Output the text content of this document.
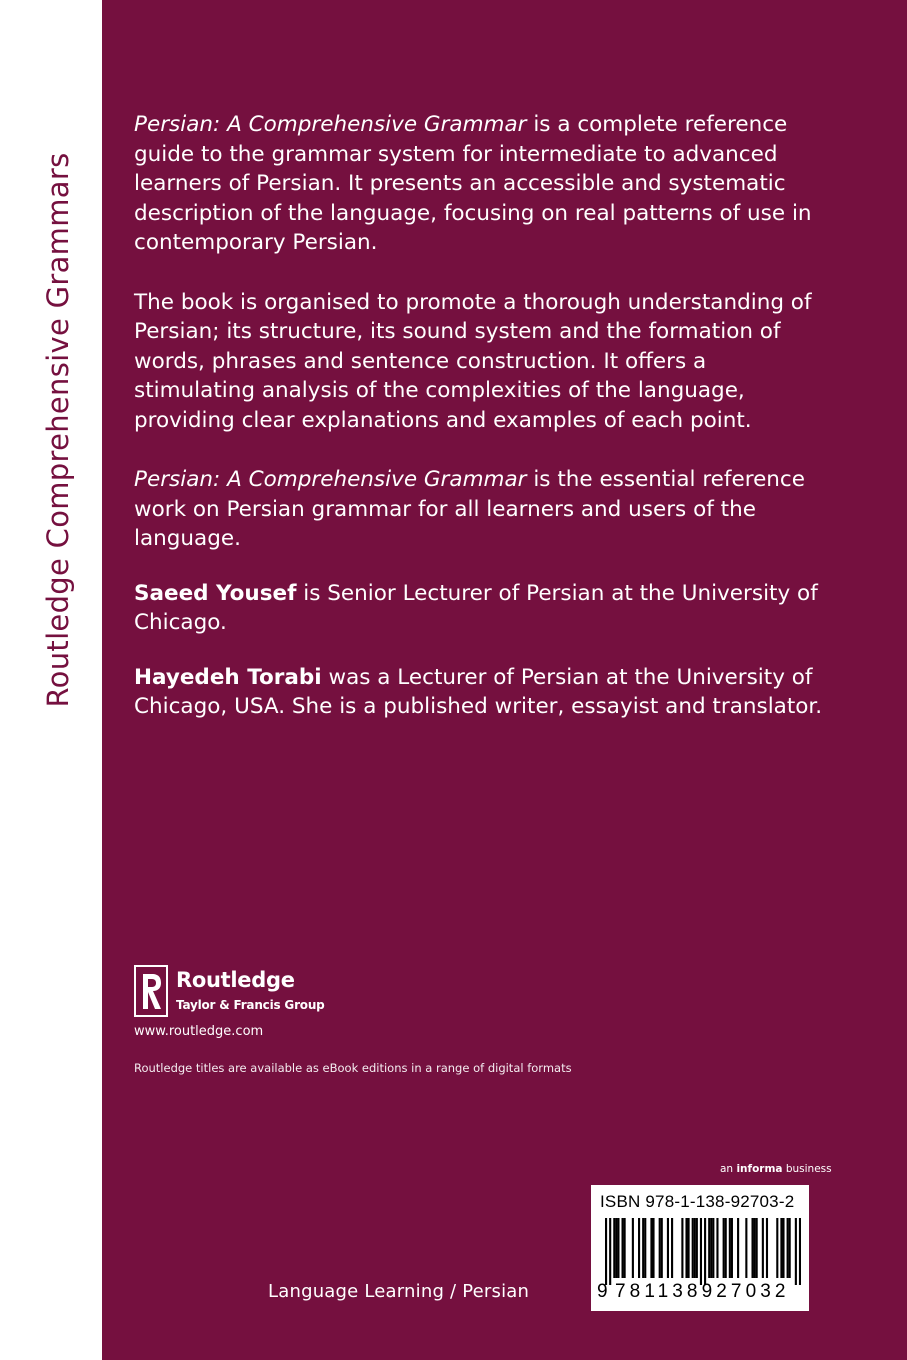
Routledge Comprehensive Grammars

Persian: A Comprehensive Grammar is a complete reference guide to the grammar system for intermediate to advanced learners of Persian. It presents an accessible and systematic description of the language, focusing on real patterns of use in contemporary Persian.

The book is organised to promote a thorough understanding of Persian; its structure, its sound system and the formation of words, phrases and sentence construction. It offers a stimulating analysis of the complexities of the language, providing clear explanations and examples of each point.

Persian: A Comprehensive Grammar is the essential reference work on Persian grammar for all learners and users of the language.

Saeed Yousef is Senior Lecturer of Persian at the University of Chicago.

Hayedeh Torabi was a Lecturer of Persian at the University of Chicago, USA. She is a published writer, essayist and translator.

Routledge
Taylor & Francis Group
www.routledge.com
Routledge titles are available as eBook editions in a range of digital formats
Language Learning / Persian
an informa business
ISBN 978-1-138-92703-2
9 781138927032
